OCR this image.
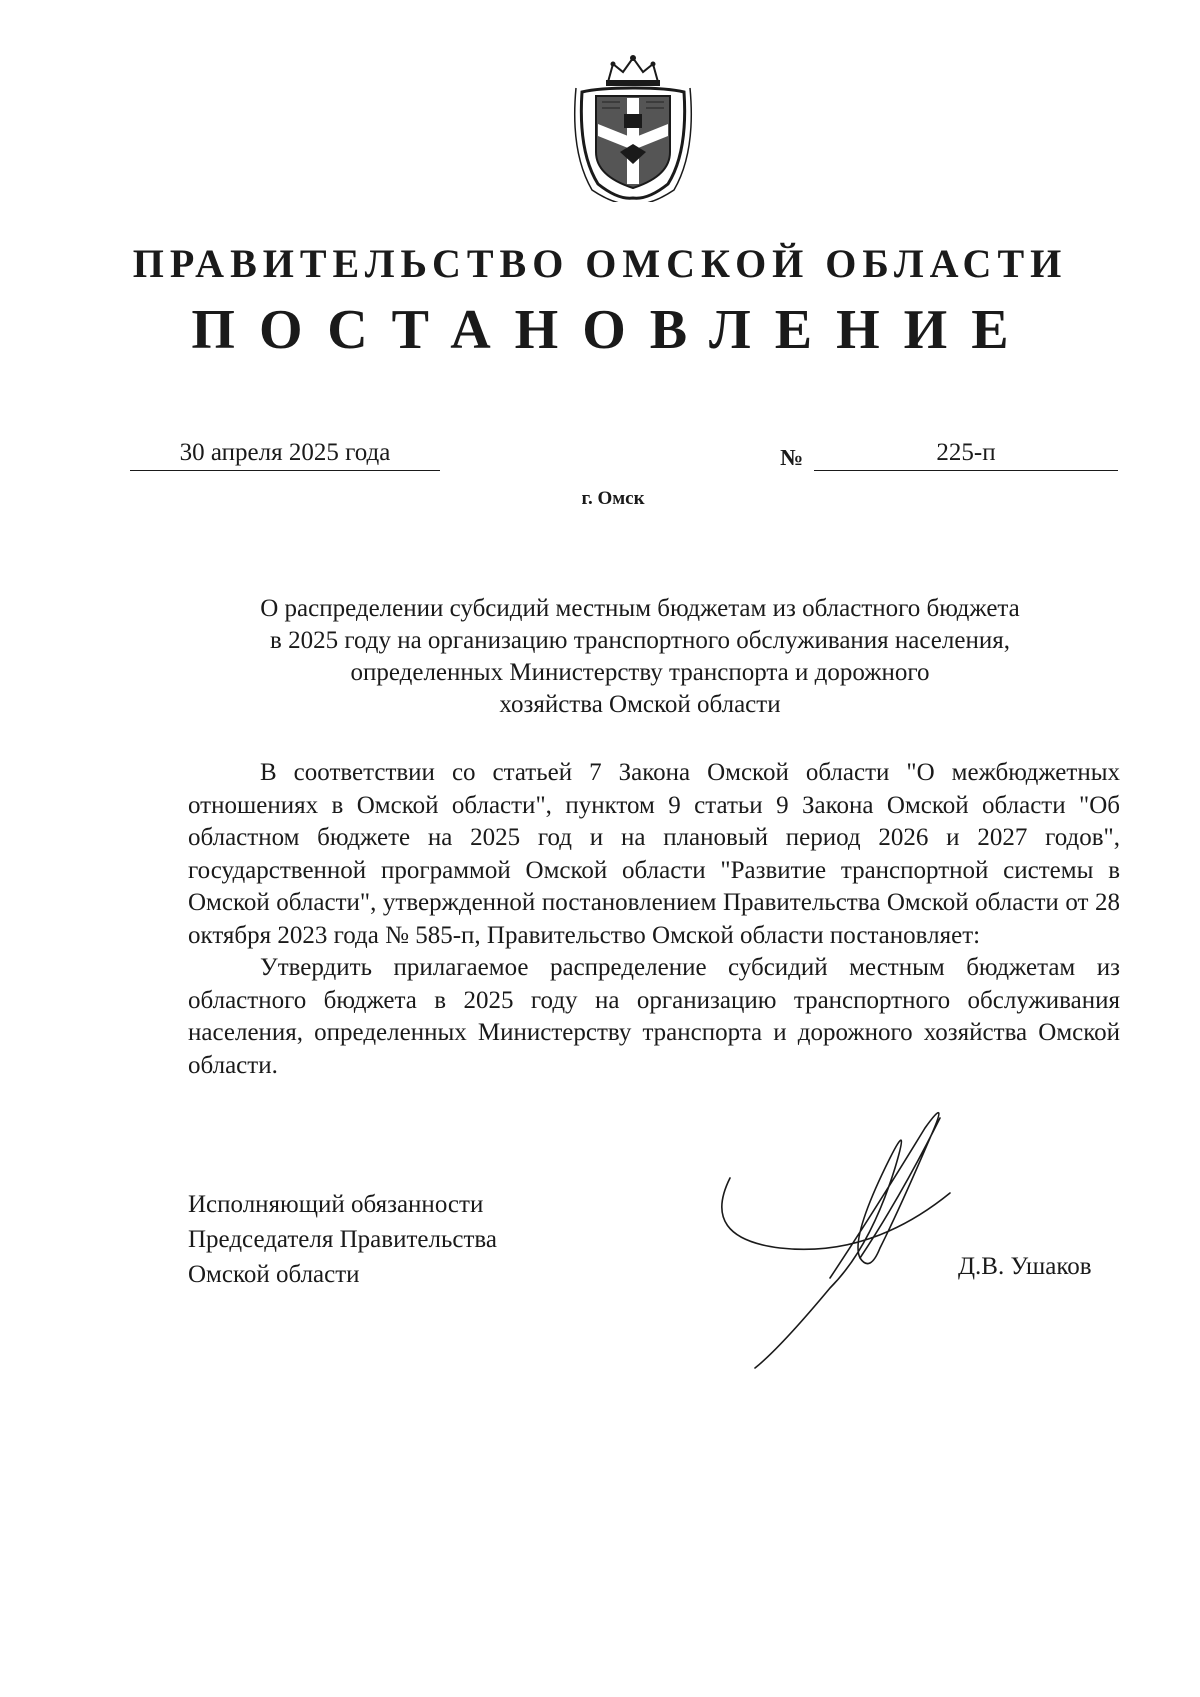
ПРАВИТЕЛЬСТВО ОМСКОЙ ОБЛАСТИ
ПОСТАНОВЛЕНИЕ
30 апреля 2025 года	№	225-п
г. Омск
О распределении субсидий местным бюджетам из областного бюджета
в 2025 году на организацию транспортного обслуживания населения,
определенных Министерству транспорта и дорожного
хозяйства Омской области

В соответствии со статьей 7 Закона Омской области "О межбюджетных отношениях в Омской области", пунктом 9 статьи 9 Закона Омской области "Об областном бюджете на 2025 год и на плановый период 2026 и 2027 годов", государственной программой Омской области "Развитие транспортной системы в Омской области", утвержденной постановлением Правительства Омской области от 28 октября 2023 года № 585-п, Правительство Омской области постановляет:

Утвердить прилагаемое распределение субсидий местным бюджетам из областного бюджета в 2025 году на организацию транспортного обслуживания населения, определенных Министерству транспорта и дорожного хозяйства Омской области.

Исполняющий обязанности
Председателя Правительства
Омской области	Д.В. Ушаков
